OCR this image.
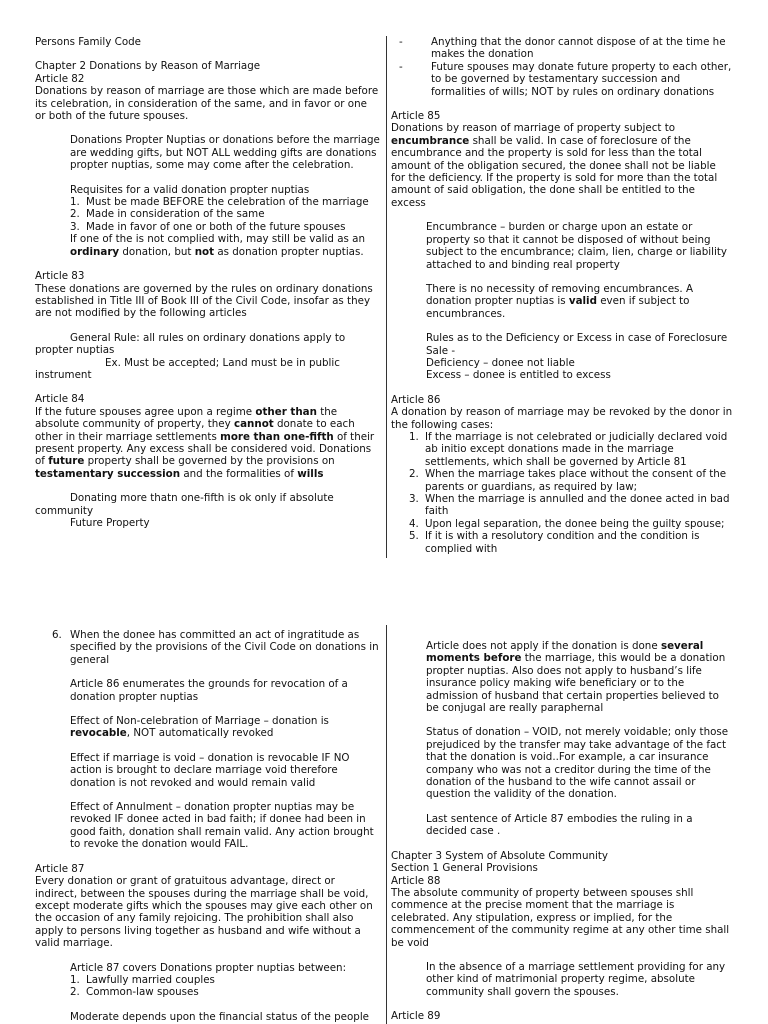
Persons Family Code

Chapter 2 Donations by Reason of Marriage

Article 82

Donations by reason of marriage are those which are made before its celebration, in consideration of the same, and in favor or one or both of the future spouses.

Donations Propter Nuptias or donations before the marriage are wedding gifts, but NOT ALL wedding gifts are donations propter nuptias, some may come after the celebration.

Requisites for a valid donation propter nuptias

1. Must be made BEFORE the celebration of the marriage
2. Made in consideration of the same
3. Made in favor of one or both of the future spouses

If one of the is not complied with, may still be valid as an ordinary donation, but not as donation propter nuptias.

Article 83

These donations are governed by the rules on ordinary donations established in Title III of Book III of the Civil Code, insofar as they are not modified by the following articles

General Rule: all rules on ordinary donations apply to propter nuptias

Ex. Must be accepted; Land must be in public instrument

Article 84

If the future spouses agree upon a regime other than the absolute community of property, they cannot donate to each other in their marriage settlements more than one-fifth of their present property. Any excess shall be considered void. Donations of future property shall be governed by the provisions on testamentary succession and the formalities of wills

Donating more thatn one-fifth is ok only if absolute community

Future Property

-	Anything that the donor cannot dispose of at the time he makes the donation
-	Future spouses may donate future property to each other, to be governed by testamentary succession and formalities of wills; NOT by rules on ordinary donations

Article 85

Donations by reason of marriage of property subject to encumbrance shall be valid. In case of foreclosure of the encumbrance and the property is sold for less than the total amount of the obligation secured, the donee shall not be liable for the deficiency. If the property is sold for more than the total amount of said obligation, the done shall be entitled to the excess

Encumbrance – burden or charge upon an estate or property so that it cannot be disposed of without being subject to the encumbrance; claim, lien, charge or liability attached to and binding real property

There is no necessity of removing encumbrances. A donation propter nuptias is valid even if subject to encumbrances.

Rules as to the Deficiency or Excess in case of Foreclosure Sale -

Deficiency – donee not liable

Excess – donee is entitled to excess

Article 86

A donation by reason of marriage may be revoked by the donor in the following cases:

1. If the marriage is not celebrated or judicially declared void ab initio except donations made in the marriage settlements, which shall be governed by Article 81
2. When the marriage takes place without the consent of the parents or guardians, as required by law;
3. When the marriage is annulled and the donee acted in bad faith
4. Upon legal separation, the donee being the guilty spouse;
5. If it is with a resolutory condition and the condition is complied with
6. When the donee has committed an act of ingratitude as specified by the provisions of the Civil Code on donations in general

Article 86 enumerates the grounds for revocation of a donation propter nuptias

Effect of Non-celebration of Marriage – donation is revocable, NOT automatically revoked

Effect if marriage is void – donation is revocable IF NO action is brought to declare marriage void therefore donation is not revoked and would remain valid

Effect of Annulment – donation propter nuptias may be revoked IF donee acted in bad faith; if donee had been in good faith, donation shall remain valid. Any action brought to revoke the donation would FAIL.

Article 87

Every donation or grant of gratuitous advantage, direct or indirect, between the spouses during the marriage shall be void, except moderate gifts which the spouses may give each other on the occasion of any family rejoicing. The prohibition shall also apply to persons living together as husband and wife without a valid marriage.

Article 87 covers Donations propter nuptias between:

1. Lawfully married couples
2. Common-law spouses

Moderate depends upon the financial status of the people

Article does not apply if the donation is done several moments before the marriage, this would be a donation propter nuptias. Also does not apply to husband’s life insurance policy making wife beneficiary or to the admission of husband that certain properties believed to be conjugal are really paraphernal

Status of donation – VOID, not merely voidable; only those prejudiced by the transfer may take advantage of the fact that the donation is void..For example, a car insurance company who was not a creditor during the time of the donation of the husband to the wife cannot assail or question the validity of the donation.

Last sentence of Article 87 embodies the ruling in a decided case .

Chapter 3 System of Absolute Community

Section 1 General Provisions

Article 88

The absolute community of property between spouses shll commence at the precise moment that the marriage is celebrated. Any stipulation, express or implied, for the commencement of the community regime at any other time shall be void

In the absence of a marriage settlement providing for any other kind of matrimonial property regime, absolute community shall govern the spouses.

Article 89
